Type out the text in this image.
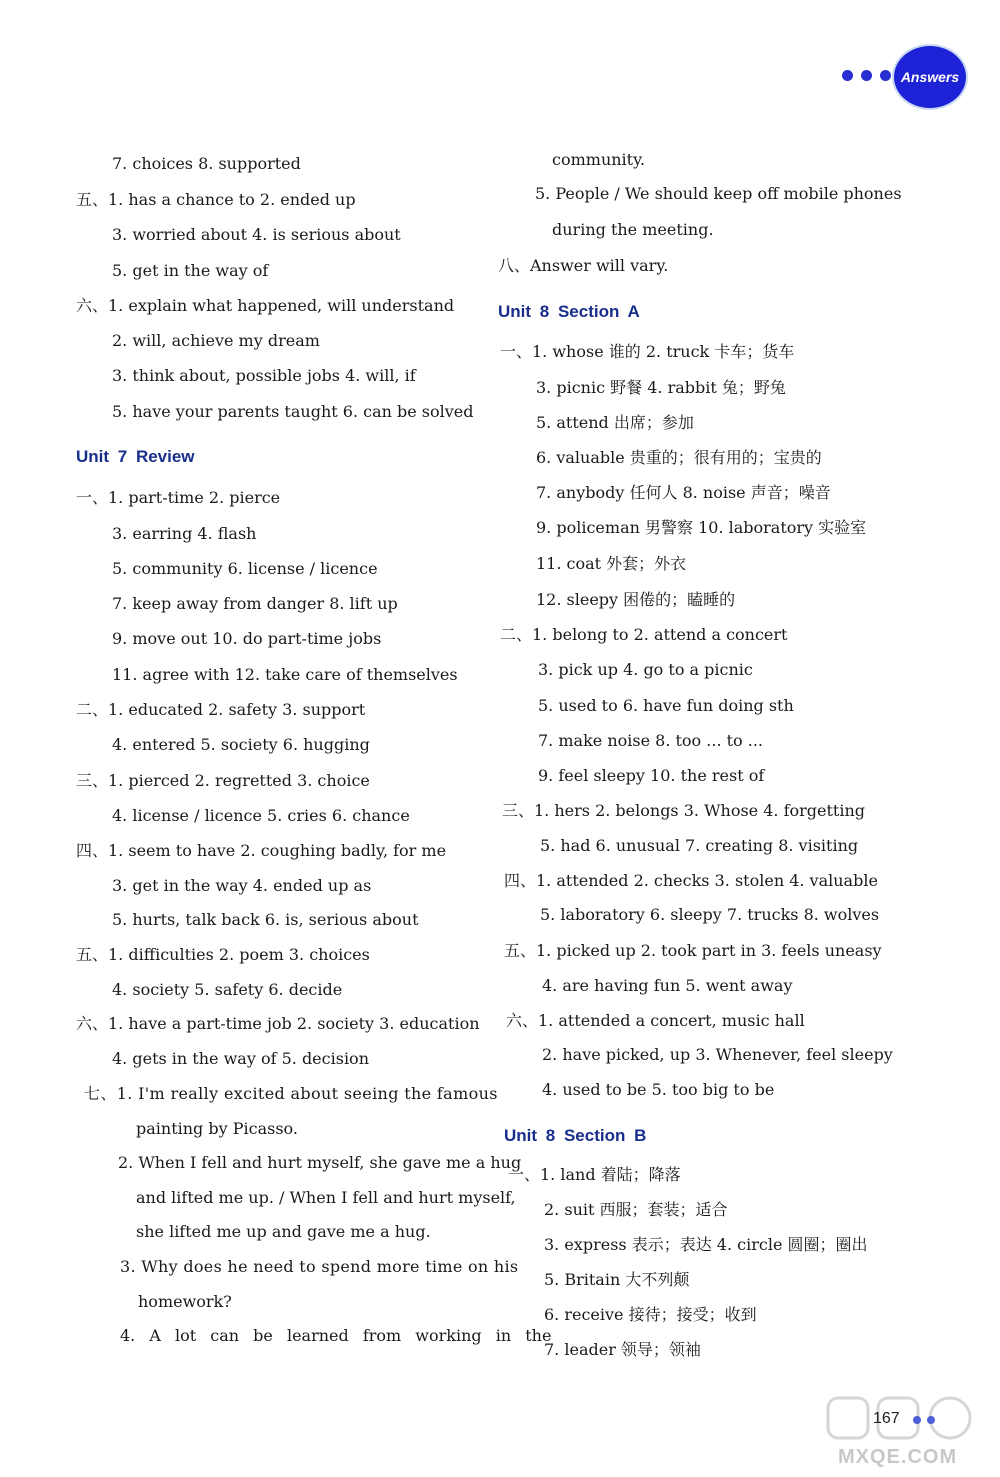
Answers
7. choices 8. supported
五、1. has a chance to 2. ended up
3. worried about 4. is serious about
5. get in the way of
六、1. explain what happened, will understand
2. will, achieve my dream
3. think about, possible jobs 4. will, if
5. have your parents taught 6. can be solved
Unit 7 Review
一、1. part-time 2. pierce
3. earring 4. flash
5. community 6. license / licence
7. keep away from danger 8. lift up
9. move out 10. do part-time jobs
11. agree with 12. take care of themselves
二、1. educated 2. safety 3. support
4. entered 5. society 6. hugging
三、1. pierced 2. regretted 3. choice
4. license / licence 5. cries 6. chance
四、1. seem to have 2. coughing badly, for me
3. get in the way 4. ended up as
5. hurts, talk back 6. is, serious about
五、1. difficulties 2. poem 3. choices
4. society 5. safety 6. decide
六、1. have a part-time job 2. society 3. education
4. gets in the way of 5. decision
七、1. I'm really excited about seeing the famous
painting by Picasso.
2. When I fell and hurt myself, she gave me a hug
and lifted me up. / When I fell and hurt myself,
she lifted me up and gave me a hug.
3. Why does he need to spend more time on his
homework?
4. A lot can be learned from working in the
community.
5. People / We should keep off mobile phones
during the meeting.
八、Answer will vary.
Unit 8 Section A
一、1. whose 谁的 2. truck 卡车；货车
3. picnic 野餐 4. rabbit 兔；野兔
5. attend 出席；参加
6. valuable 贵重的；很有用的；宝贵的
7. anybody 任何人 8. noise 声音；噪音
9. policeman 男警察 10. laboratory 实验室
11. coat 外套；外衣
12. sleepy 困倦的；瞌睡的
二、1. belong to 2. attend a concert
3. pick up 4. go to a picnic
5. used to 6. have fun doing sth
7. make noise 8. too ... to ...
9. feel sleepy 10. the rest of
三、1. hers 2. belongs 3. Whose 4. forgetting
5. had 6. unusual 7. creating 8. visiting
四、1. attended 2. checks 3. stolen 4. valuable
5. laboratory 6. sleepy 7. trucks 8. wolves
五、1. picked up 2. took part in 3. feels uneasy
4. are having fun 5. went away
六、1. attended a concert, music hall
2. have picked, up 3. Whenever, feel sleepy
4. used to be 5. too big to be
Unit 8 Section B
一、1. land 着陆；降落
2. suit 西服；套装；适合
3. express 表示；表达 4. circle 圆圈；圈出
5. Britain 大不列颠
6. receive 接待；接受；收到
7. leader 领导；领袖
MXQE.COM
167
